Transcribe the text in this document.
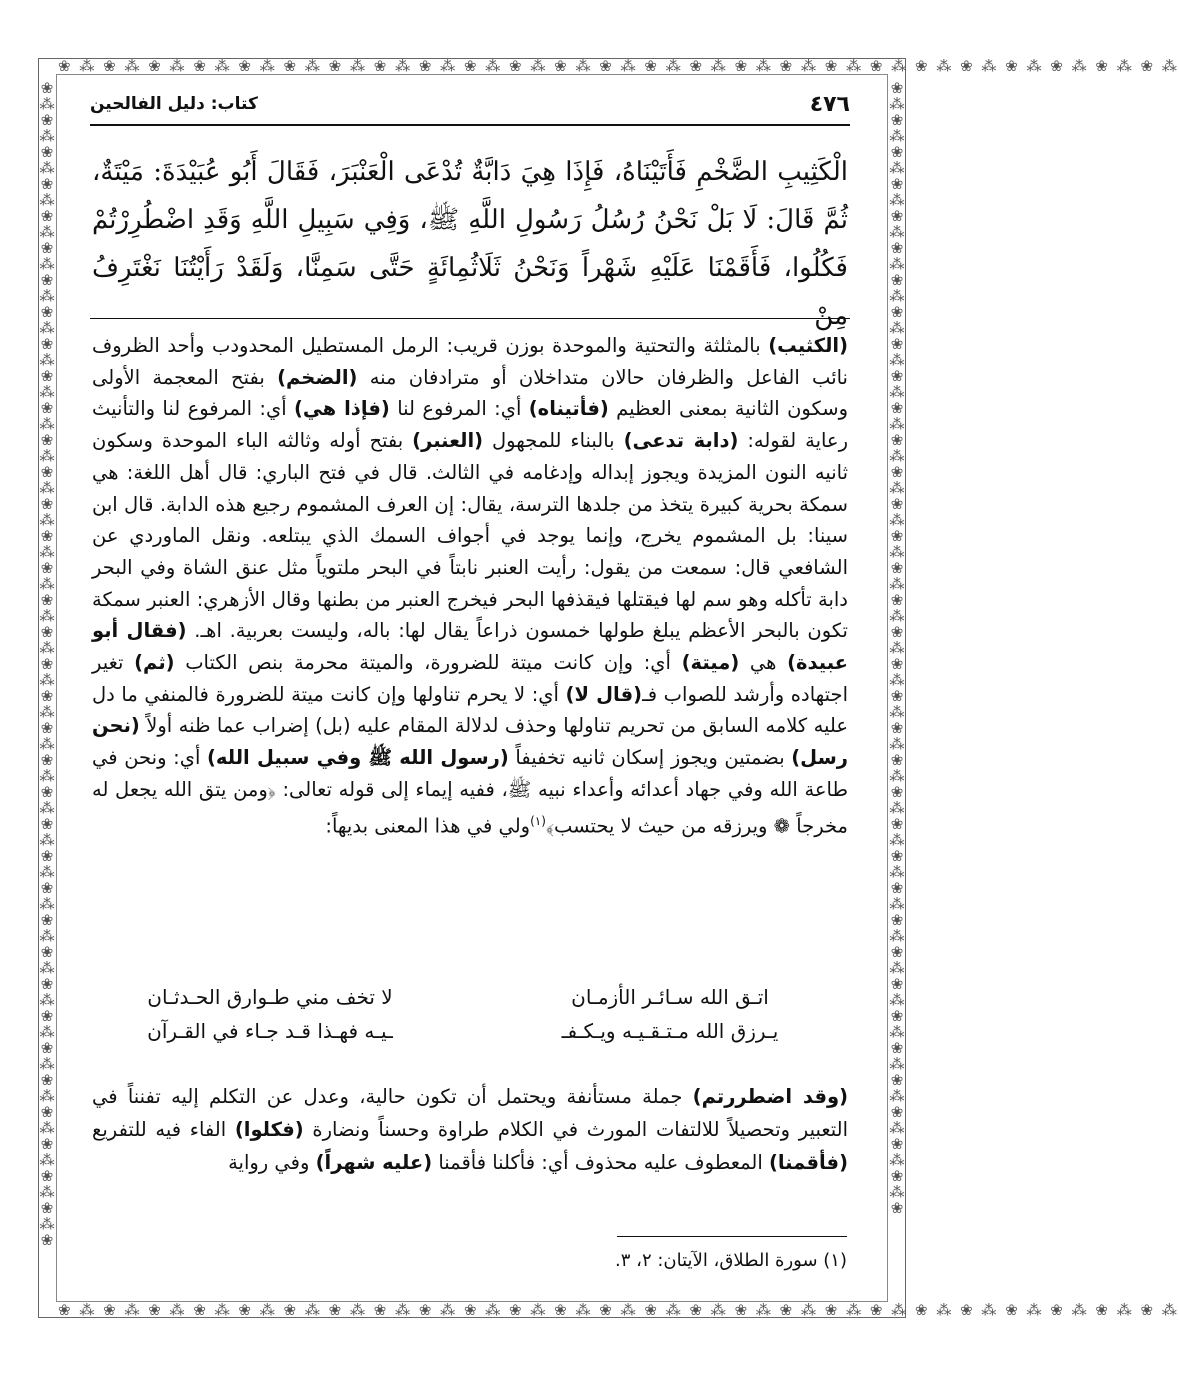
❀ ⁂ ❀ ⁂ ❀ ⁂ ❀ ⁂ ❀ ⁂ ❀ ⁂ ❀ ⁂ ❀ ⁂ ❀ ⁂ ❀ ⁂ ❀ ⁂ ❀ ⁂ ❀ ⁂ ❀ ⁂ ❀ ⁂ ❀ ⁂ ❀ ⁂ ❀ ⁂ ❀ ⁂ ❀ ⁂ ❀ ⁂ ❀ ⁂ ❀ ⁂ ❀ ⁂ ❀ ⁂
❀ ⁂ ❀ ⁂ ❀ ⁂ ❀ ⁂ ❀ ⁂ ❀ ⁂ ❀ ⁂ ❀ ⁂ ❀ ⁂ ❀ ⁂ ❀ ⁂ ❀ ⁂ ❀ ⁂ ❀ ⁂ ❀ ⁂ ❀ ⁂ ❀ ⁂ ❀ ⁂ ❀ ⁂ ❀ ⁂ ❀ ⁂ ❀ ⁂ ❀ ⁂ ❀ ⁂ ❀ ⁂
❀ ⁂ ❀ ⁂ ❀ ⁂ ❀ ⁂ ❀ ⁂ ❀ ⁂ ❀ ⁂ ❀ ⁂ ❀ ⁂ ❀ ⁂ ❀ ⁂ ❀ ⁂ ❀ ⁂ ❀ ⁂ ❀ ⁂ ❀ ⁂ ❀ ⁂ ❀ ⁂ ❀ ⁂ ❀ ⁂ ❀ ⁂ ❀ ⁂ ❀ ⁂ ❀ ⁂ ❀ ⁂ ❀ ⁂ ❀ ⁂ ❀ ⁂ ❀ ⁂ ❀ ⁂ ❀ ⁂ ❀ ⁂ ❀ ⁂ ❀ ⁂ ❀ ⁂ ❀ ⁂ ❀
❀ ⁂ ❀ ⁂ ❀ ⁂ ❀ ⁂ ❀ ⁂ ❀ ⁂ ❀ ⁂ ❀ ⁂ ❀ ⁂ ❀ ⁂ ❀ ⁂ ❀ ⁂ ❀ ⁂ ❀ ⁂ ❀ ⁂ ❀ ⁂ ❀ ⁂ ❀ ⁂ ❀ ⁂ ❀ ⁂ ❀ ⁂ ❀ ⁂ ❀ ⁂ ❀ ⁂ ❀ ⁂ ❀ ⁂ ❀ ⁂ ❀ ⁂ ❀ ⁂ ❀ ⁂ ❀ ⁂ ❀ ⁂ ❀ ⁂ ❀ ⁂ ❀ ⁂ ❀
كتاب: دليل الفالحين	٤٧٦

الْكَثِيبِ الضَّخْمِ فَأَتَيْنَاهُ، فَإِذَا هِيَ دَابَّةٌ تُدْعَى الْعَنْبَرَ، فَقَالَ أَبُو عُبَيْدَةَ: مَيْتَةٌ، ثُمَّ قَالَ: لَا بَلْ نَحْنُ رُسُلُ رَسُولِ اللَّهِ ﷺ، وَفِي سَبِيلِ اللَّهِ وَقَدِ اضْطُرِرْتُمْ فَكُلُوا، فَأَقَمْنَا عَلَيْهِ شَهْراً وَنَحْنُ ثَلَاثُمِائَةٍ حَتَّى سَمِنَّا، وَلَقَدْ رَأَيْتُنَا نَغْتَرِفُ مِنْ

(الكثيب) بالمثلثة والتحتية والموحدة بوزن قريب: الرمل المستطيل المحدودب وأحد الظروف نائب الفاعل والظرفان حالان متداخلان أو مترادفان منه (الضخم) بفتح المعجمة الأولى وسكون الثانية بمعنى العظيم (فأتيناه) أي: المرفوع لنا (فإذا هي) أي: المرفوع لنا والتأنيث رعاية لقوله: (دابة تدعى) بالبناء للمجهول (العنبر) بفتح أوله وثالثه الباء الموحدة وسكون ثانيه النون المزيدة ويجوز إبداله وإدغامه في الثالث. قال في فتح الباري: قال أهل اللغة: هي سمكة بحرية كبيرة يتخذ من جلدها الترسة، يقال: إن العرف المشموم رجيع هذه الدابة. قال ابن سينا: بل المشموم يخرج، وإنما يوجد في أجواف السمك الذي يبتلعه. ونقل الماوردي عن الشافعي قال: سمعت من يقول: رأيت العنبر نابتاً في البحر ملتوياً مثل عنق الشاة وفي البحر دابة تأكله وهو سم لها فيقتلها فيقذفها البحر فيخرج العنبر من بطنها وقال الأزهري: العنبر سمكة تكون بالبحر الأعظم يبلغ طولها خمسون ذراعاً يقال لها: باله، وليست بعربية. اهـ. (فقال أبو عبيدة) هي (ميتة) أي: وإن كانت ميتة للضرورة، والميتة محرمة بنص الكتاب (ثم) تغير اجتهاده وأرشد للصواب فـ(قال لا) أي: لا يحرم تناولها وإن كانت ميتة للضرورة فالمنفي ما دل عليه كلامه السابق من تحريم تناولها وحذف لدلالة المقام عليه (بل) إضراب عما ظنه أولاً (نحن رسل) بضمتين ويجوز إسكان ثانيه تخفيفاً (رسول الله ﷺ وفي سبيل الله) أي: ونحن في طاعة الله وفي جهاد أعدائه وأعداء نبيه ﷺ، ففيه إيماء إلى قوله تعالى: ﴿ومن يتق الله يجعل له مخرجاً ❁ ويرزقه من حيث لا يحتسب﴾$^{(١)}$ولي في هذا المعنى بديهاً:

اتـق الله سـائـر الأزمـان
لا تخف مني طـوارق الحـدثـان
يـرزق الله مـتـقـيـه ويـكـفـ
ـيـه فهـذا قـد جـاء في القـرآن

(وقد اضطررتم) جملة مستأنفة ويحتمل أن تكون حالية، وعدل عن التكلم إليه تفنناً في التعبير وتحصيلاً للالتفات المورث في الكلام طراوة وحسناً ونضارة (فكلوا) الفاء فيه للتفريع (فأقمنا) المعطوف عليه محذوف أي: فأكلنا فأقمنا (عليه شهراً) وفي رواية

(١) سورة الطلاق، الآيتان: ٢، ٣.
